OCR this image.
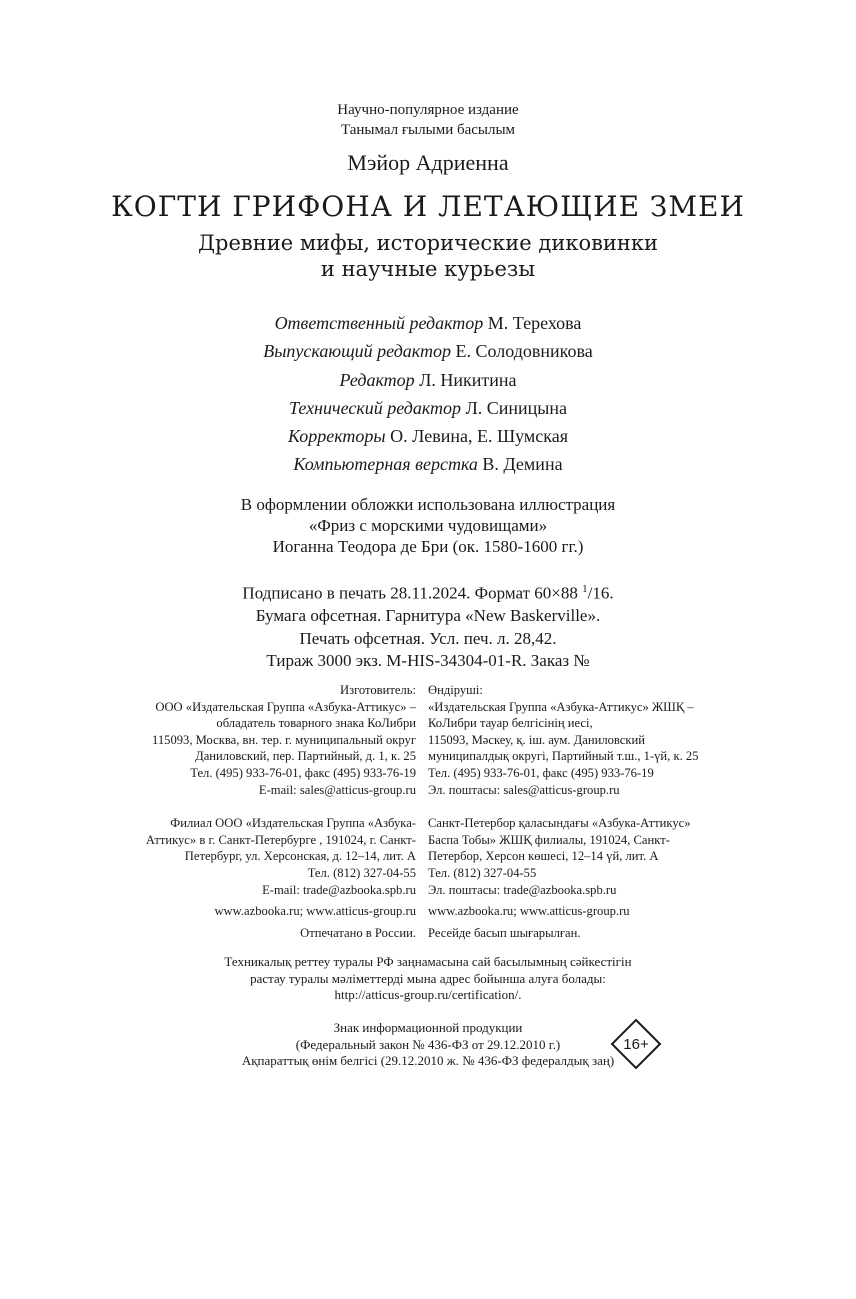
Научно-популярное издание
Танымал ғылыми басылым
Мэйор Адриенна
КОГТИ ГРИФОНА И ЛЕТАЮЩИЕ ЗМЕИ
Древние мифы, исторические диковинки
и научные курьезы
Ответственный редактор М. Терехова
Выпускающий редактор Е. Солодовникова
Редактор Л. Никитина
Технический редактор Л. Синицына
Корректоры О. Левина, Е. Шумская
Компьютерная верстка В. Демина
В оформлении обложки использована иллюстрация
«Фриз с морскими чудовищами»
Иоганна Теодора де Бри (ок. 1580-1600 гг.)
Подписано в печать 28.11.2024. Формат 60×88 $^1$/16.
Бумага офсетная. Гарнитура «New Baskerville».
Печать офсетная. Усл. печ. л. 28,42.
Тираж 3000 экз. M-HIS-34304-01-R. Заказ №
Изготовитель:
ООО «Издательская Группа «Азбука-Аттикус» –
обладатель товарного знака КоЛибри
115093, Москва, вн. тер. г. муниципальный округ
Даниловский, пер. Партийный, д. 1, к. 25
Тел. (495) 933-76-01, факс (495) 933-76-19
E-mail: sales@atticus-group.ru
Өндіруші:
«Издательская Группа «Азбука-Аттикус» ЖШҚ –
КоЛибри тауар белгісінің иесі,
115093, Мәскеу, қ. іш. аум. Даниловский
муниципалдық округі, Партийный т.ш., 1-үй, к. 25
Тел. (495) 933-76-01, факс (495) 933-76-19
Эл. поштасы: sales@atticus-group.ru
Филиал ООО «Издательская Группа «Азбука-
Аттикус» в г. Санкт-Петербурге , 191024, г. Санкт-
Петербург, ул. Херсонская, д. 12–14, лит. А
Тел. (812) 327-04-55
E-mail: trade@azbooka.spb.ru
Санкт-Петербор қаласындағы «Азбука-Аттикус»
Баспа Тобы» ЖШҚ филиалы, 191024, Санкт-
Петербор, Херсон көшесі, 12–14 үй, лит. А
Тел. (812) 327-04-55
Эл. поштасы: trade@azbooka.spb.ru
www.azbooka.ru; www.atticus-group.ru www.azbooka.ru; www.atticus-group.ru
Отпечатано в России. Ресейде басып шығарылған.
Техникалық реттеу туралы РФ заңнамасына сай басылымның сәйкестігін
растау туралы мәліметтерді мына адрес бойынша алуға болады:
http://atticus-group.ru/certification/.
Знак информационной продукции
(Федеральный закон № 436-ФЗ от 29.12.2010 г.)
Ақпараттық өнім белгісі (29.12.2010 ж. № 436-ФЗ федералдық заң)
16+
